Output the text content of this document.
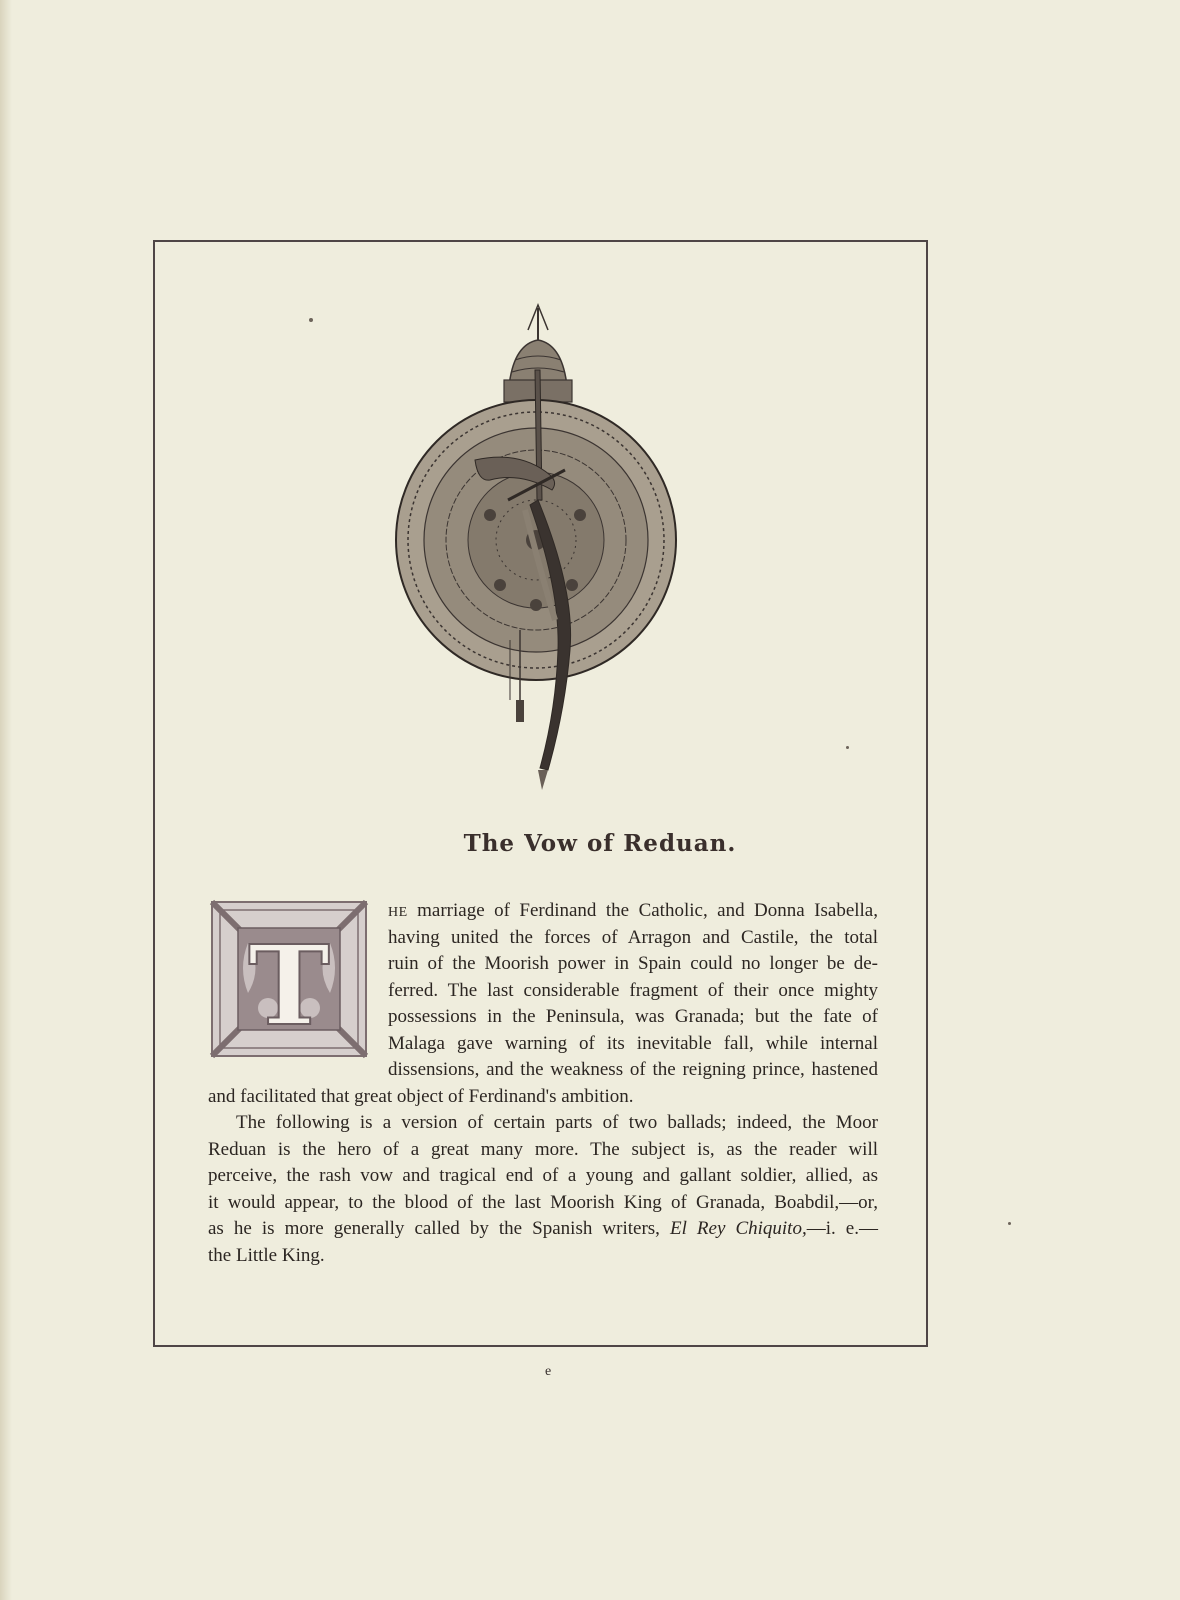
The Vow of Reduan.
T
HE marriage of Ferdinand the Catholic, and Donna Isabella,
having united the forces of Arragon and Castile, the total
ruin of the Moorish power in Spain could no longer be de-
ferred. The last considerable fragment of their once mighty
possessions in the Peninsula, was Granada; but the fate of
Malaga gave warning of its inevitable fall, while internal
dissensions, and the weakness of the reigning prince, hastened
and facilitated that great object of Ferdinand's ambition.
The following is a version of certain parts of two ballads; indeed, the Moor
Reduan is the hero of a great many more. The subject is, as the reader will
perceive, the rash vow and tragical end of a young and gallant soldier, allied, as
it would appear, to the blood of the last Moorish King of Granada, Boabdil,—or,
as he is more generally called by the Spanish writers, El Rey Chiquito,—i. e.—
the Little King.
e
